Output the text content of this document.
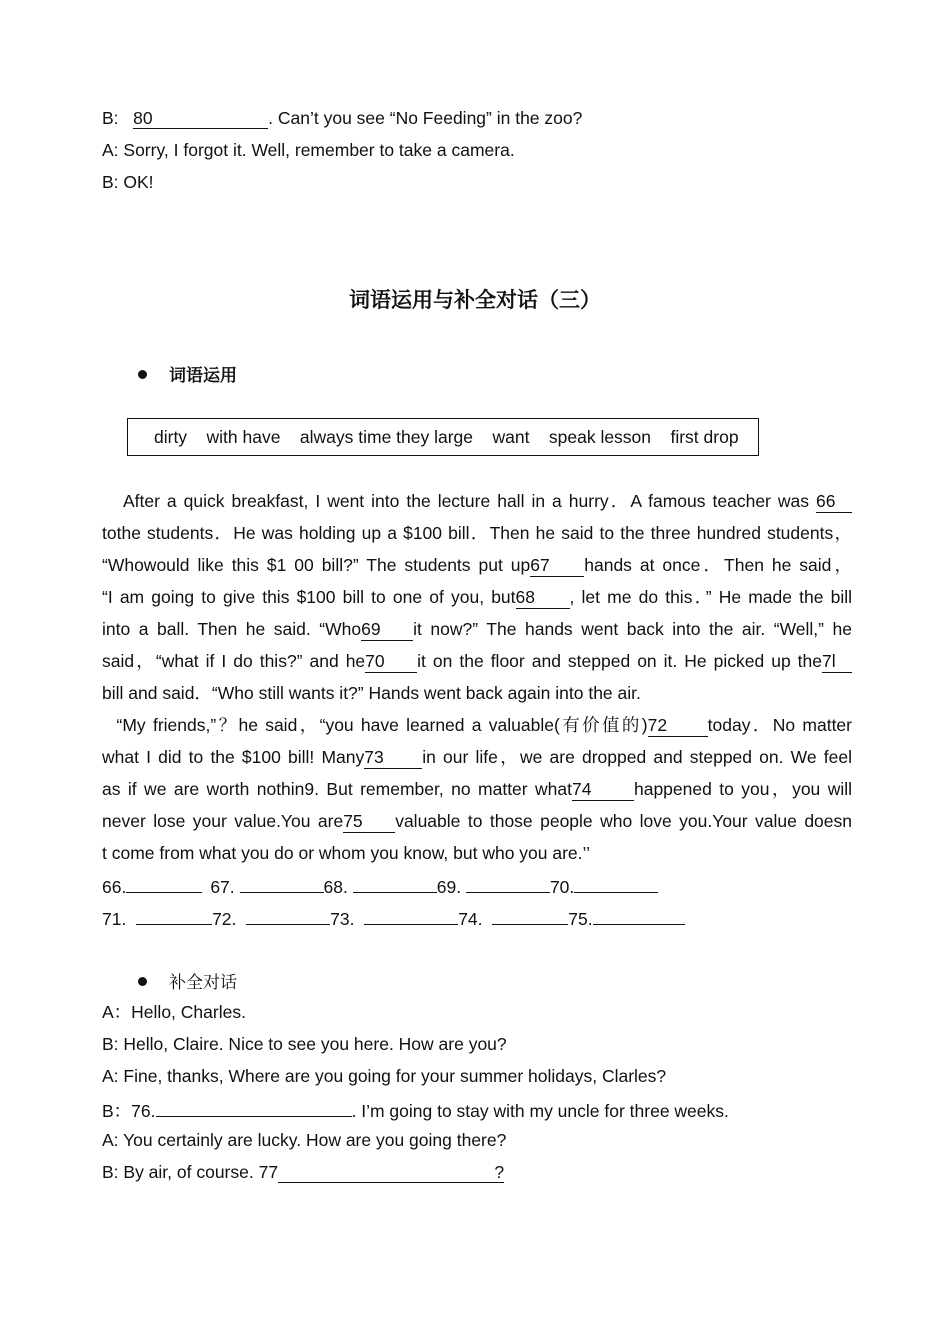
B: 80	. Can’t you see “No Feeding” in the zoo?
A: Sorry, I forgot it. Well, remember to take a camera.
B: OK!
词语运用与补全对话（三）
词语运用
dirty    with have    always time they large    want    speak lesson    first drop
After a quick breakfast, I went into the lecture hall in a hurry．A famous teacher was 66
tothe students．He was holding up a $100 bill．Then he said to the three hundred students，
“Whowould like this $1 00 bill?” The students put up67 hands at once．Then he said，
“I am going to give this $100 bill to one of you, but68 , let me do this．” He made the bill
into a ball. Then he said. “Who69 it now?” The hands went back into the air. “Well,” he
said，“what if I do this?” and he70 it on the floor and stepped on it. He picked up the7l
bill and said．“Who still wants it?” Hands went back again into the air.
“My friends,”？he said，“you have learned a valuable(有价值的)72 today．No matter
what I did to the $100 bill! Many73 in our life，we are dropped and stepped on. We feel
as if we are worth nothin9. But remember, no matter what74 happened to you，you will
never lose your value.You are75 valuable to those people who love you.Your value doesn
t come from what you do or whom you know, but who you are.’’
66.	67.	68.	69.	70.
71.	72.	73.	74.	75.
补全对话
A：Hello, Charles.
B: Hello, Claire. Nice to see you here. How are you?
A: Fine, thanks, Where are you going for your summer holidays, Clarles?
B：76.	. I’m going to stay with my uncle for three weeks.
A: You certainly are lucky. How are you going there?
B: By air, of course. 77	?
